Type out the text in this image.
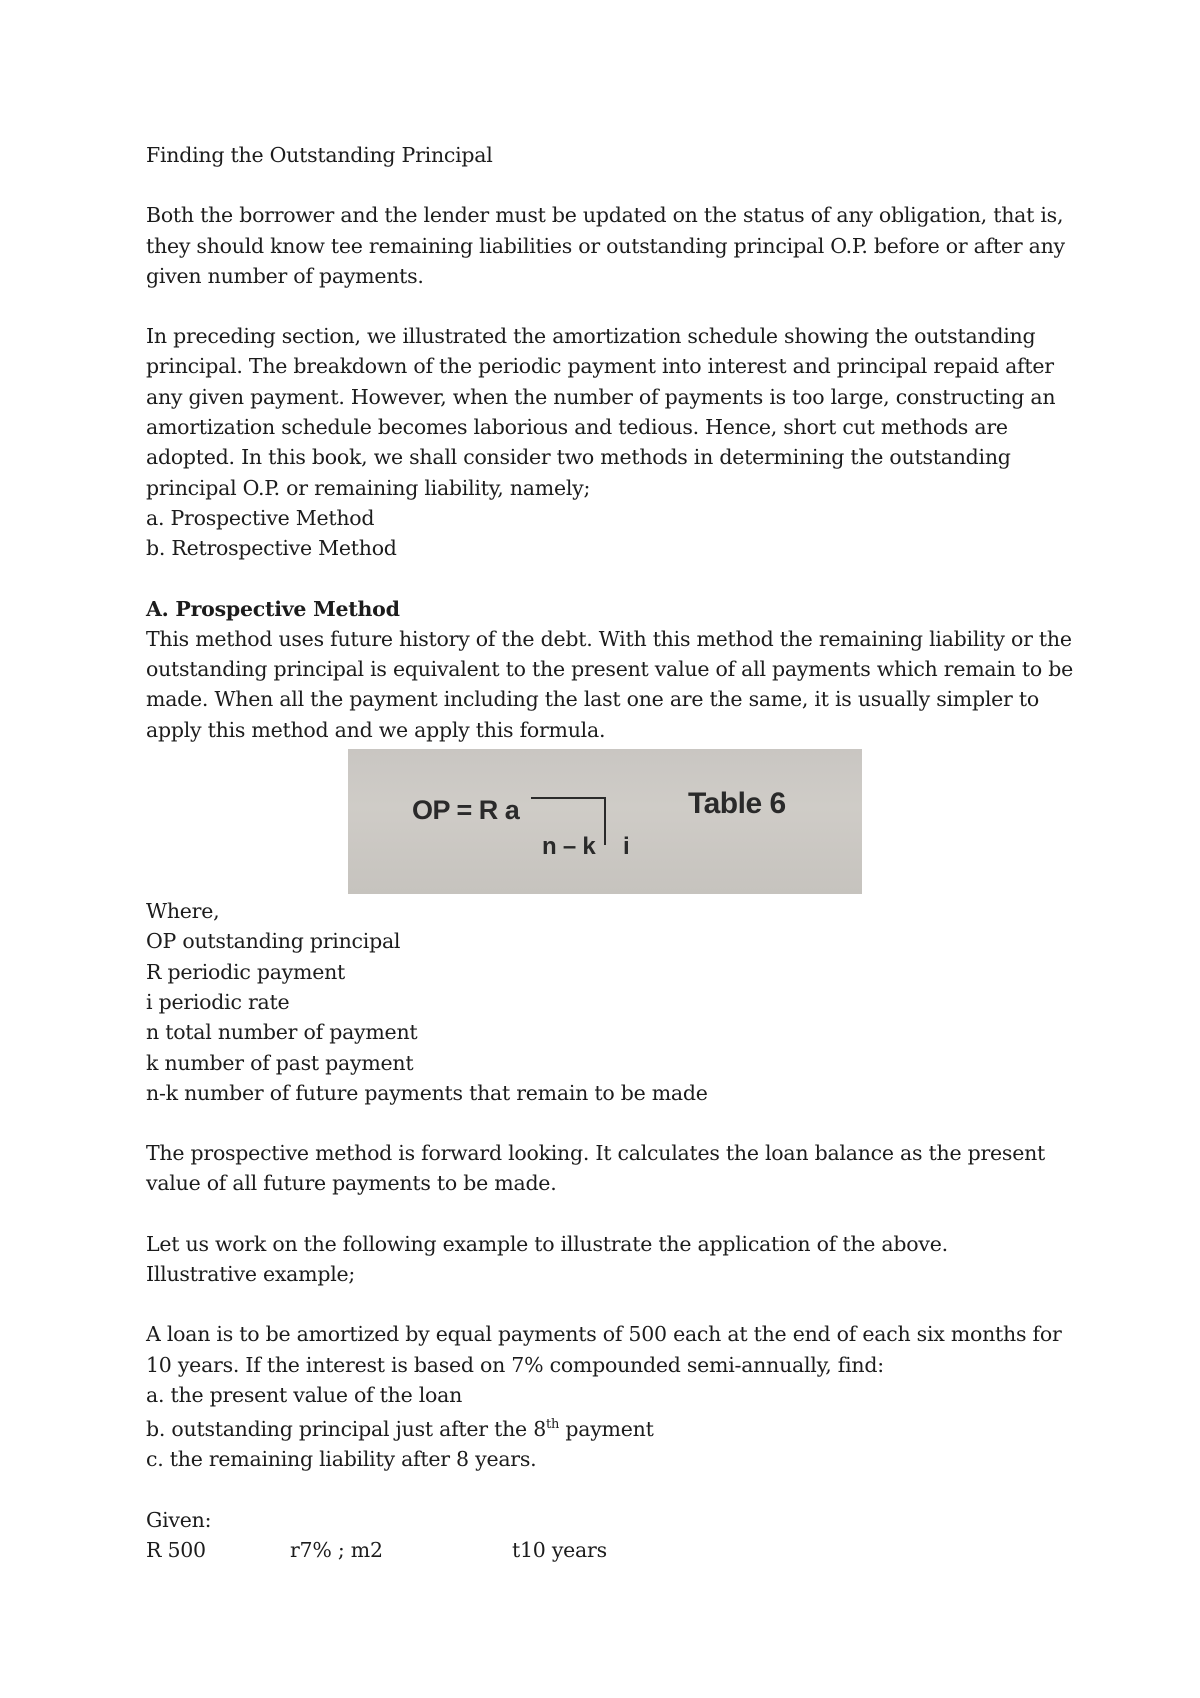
Finding the Outstanding Principal

Both the borrower and the lender must be updated on the status of any obligation, that is, they should know tee remaining liabilities or outstanding principal O.P. before or after any given number of payments.

In preceding section, we illustrated the amortization schedule showing the outstanding principal. The breakdown of the periodic payment into interest and principal repaid after any given payment. However, when the number of payments is too large, constructing an amortization schedule becomes laborious and tedious. Hence, short cut methods are adopted. In this book, we shall consider two methods in determining the outstanding principal O.P. or remaining liability, namely;

a. Prospective Method

b. Retrospective Method

A. Prospective Method

This method uses future history of the debt. With this method the remaining liability or the outstanding principal is equivalent to the present value of all payments which remain to be made. When all the payment including the last one are the same, it is usually simpler to apply this method and we apply this formula.

OP = R a
n – k i
Table 6

Where,

OP outstanding principal

R periodic payment

i periodic rate

n total number of payment

k number of past payment

n-k number of future payments that remain to be made

The prospective method is forward looking. It calculates the loan balance as the present value of all future payments to be made.

Let us work on the following example to illustrate the application of the above.

Illustrative example;

A loan is to be amortized by equal payments of 500 each at the end of each six months for 10 years. If the interest is based on 7% compounded semi-annually, find:

a. the present value of the loan

b. outstanding principal just after the 8th payment

c. the remaining liability after 8 years.

Given:

R 500	r7% ; m2	t10 years
